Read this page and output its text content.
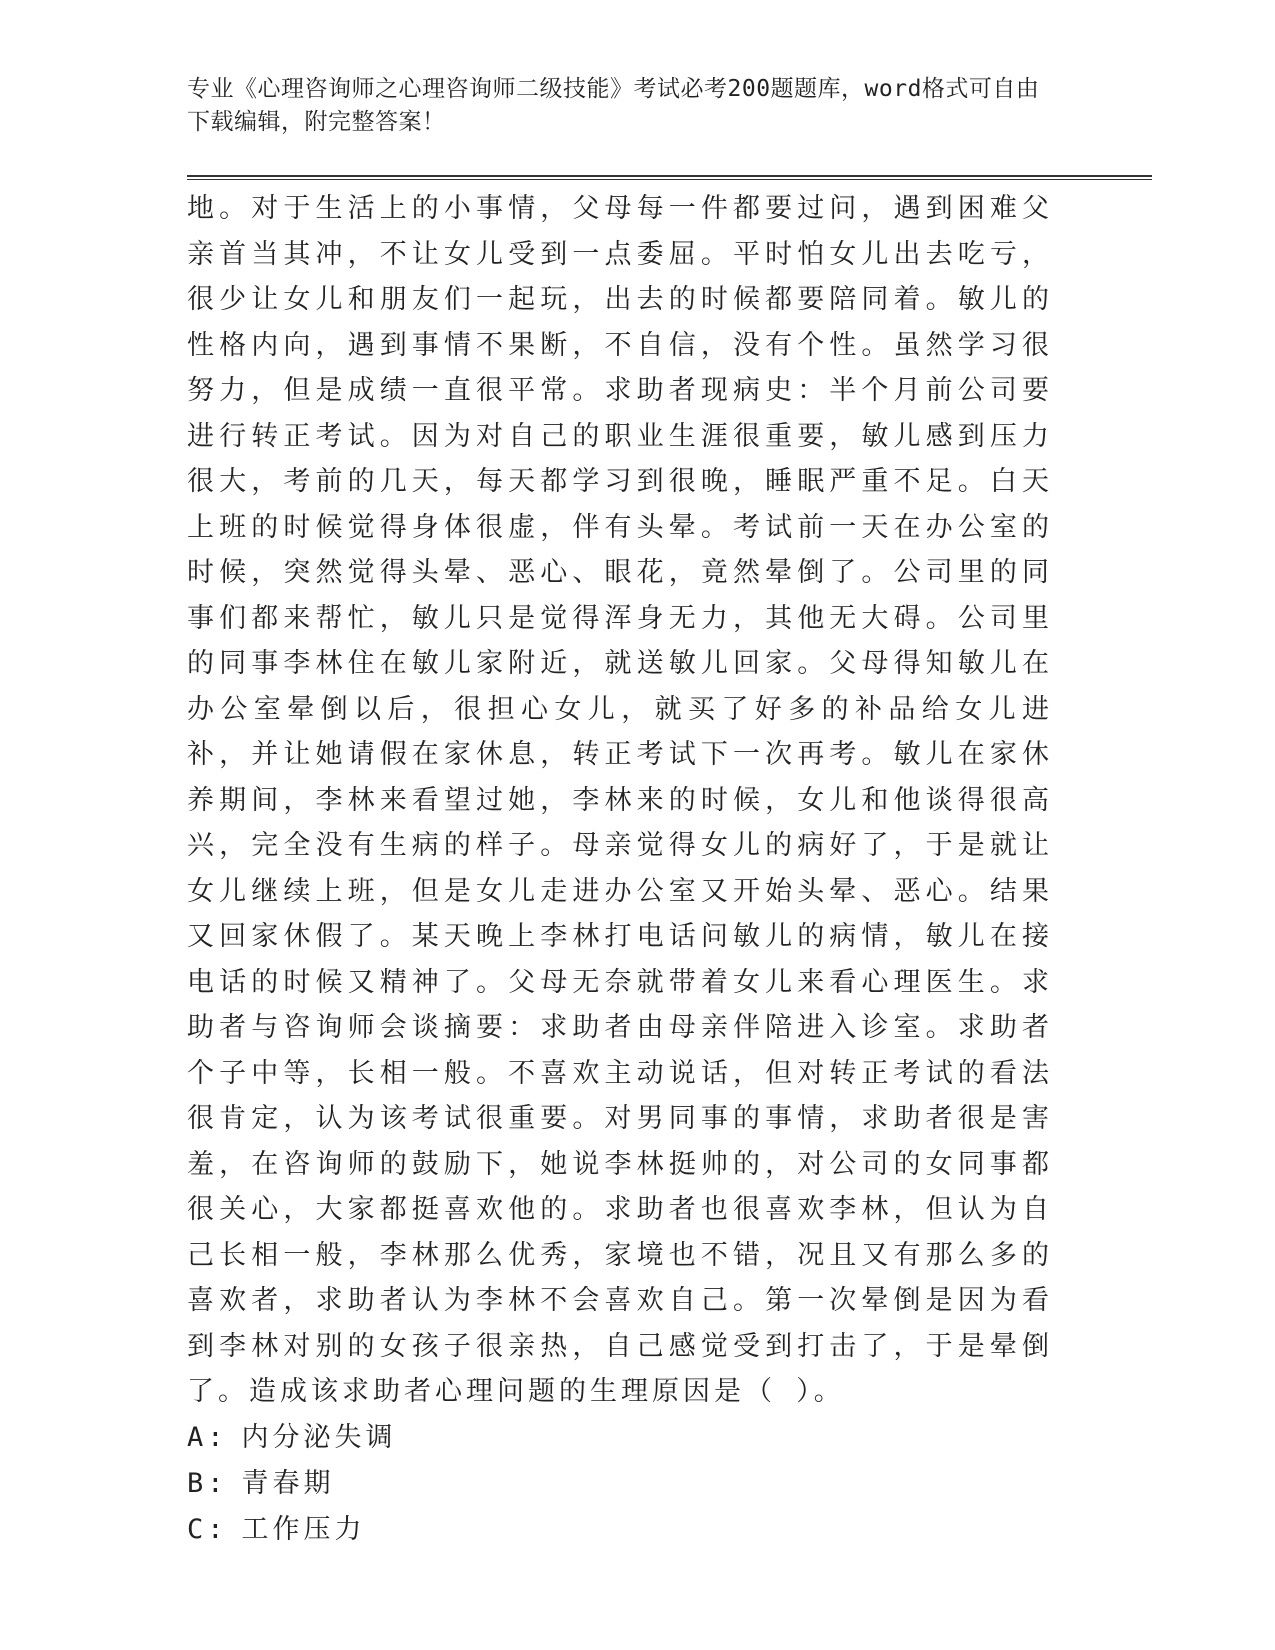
专业《心理咨询师之心理咨询师二级技能》考试必考200题题库，word格式可自由下载编辑，附完整答案！

地。对于生活上的小事情，父母每一件都要过问，遇到困难父亲首当其冲，不让女儿受到一点委屈。平时怕女儿出去吃亏，很少让女儿和朋友们一起玩，出去的时候都要陪同着。敏儿的性格内向，遇到事情不果断，不自信，没有个性。虽然学习很努力，但是成绩一直很平常。求助者现病史：半个月前公司要进行转正考试。因为对自己的职业生涯很重要，敏儿感到压力很大，考前的几天，每天都学习到很晚，睡眠严重不足。白天上班的时候觉得身体很虚，伴有头晕。考试前一天在办公室的时候，突然觉得头晕、恶心、眼花，竟然晕倒了。公司里的同事们都来帮忙，敏儿只是觉得浑身无力，其他无大碍。公司里的同事李林住在敏儿家附近，就送敏儿回家。父母得知敏儿在办公室晕倒以后，很担心女儿，就买了好多的补品给女儿进补，并让她请假在家休息，转正考试下一次再考。敏儿在家休养期间，李林来看望过她，李林来的时候，女儿和他谈得很高兴，完全没有生病的样子。母亲觉得女儿的病好了，于是就让女儿继续上班，但是女儿走进办公室又开始头晕、恶心。结果又回家休假了。某天晚上李林打电话问敏儿的病情，敏儿在接电话的时候又精神了。父母无奈就带着女儿来看心理医生。求助者与咨询师会谈摘要：求助者由母亲伴陪进入诊室。求助者个子中等，长相一般。不喜欢主动说话，但对转正考试的看法很肯定，认为该考试很重要。对男同事的事情，求助者很是害羞，在咨询师的鼓励下，她说李林挺帅的，对公司的女同事都很关心，大家都挺喜欢他的。求助者也很喜欢李林，但认为自己长相一般，李林那么优秀，家境也不错，况且又有那么多的喜欢者，求助者认为李林不会喜欢自己。第一次晕倒是因为看到李林对别的女孩子很亲热，自己感觉受到打击了，于是晕倒了。造成该求助者心理问题的生理原因是（ ）。

A: 内分泌失调
B: 青春期
C: 工作压力
